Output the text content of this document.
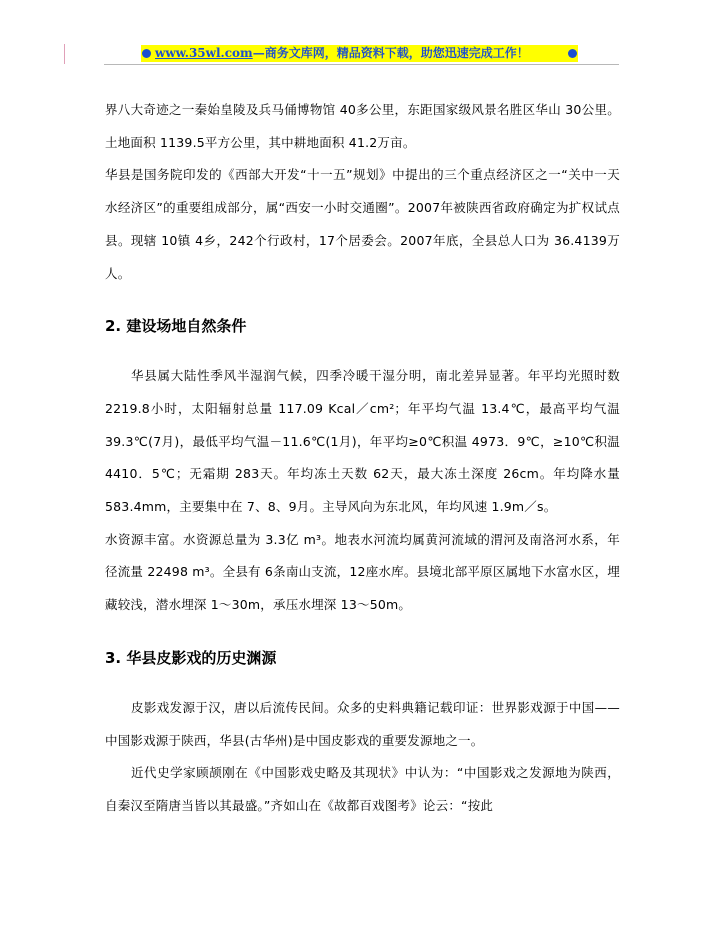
www.35wl.com—商务文库网，精品资料下载，助您迅速完成工作！

界八大奇迹之一秦始皇陵及兵马俑博物馆 40多公里，东距国家级风景名胜区华山 30公里。土地面积 1139.5平方公里，其中耕地面积 41.2万亩。

华县是国务院印发的《西部大开发“十一五”规划》中提出的三个重点经济区之一“关中一天水经济区”的重要组成部分，属“西安一小时交通圈”。2007年被陕西省政府确定为扩权试点县。现辖 10镇 4乡，242个行政村，17个居委会。2007年底，全县总人口为 36.4139万人。

2. 建设场地自然条件

华县属大陆性季风半湿润气候，四季冷暖干湿分明，南北差异显著。年平均光照时数 2219.8小时，太阳辐射总量 117.09 Kcal／cm²；年平均气温 13.4℃，最高平均气温 39.3℃(7月)，最低平均气温－11.6℃(1月)，年平均≥0℃积温 4973．9℃，≥10℃积温 4410．5℃；无霜期 283天。年均冻土天数 62天，最大冻土深度 26cm。年均降水量 583.4mm，主要集中在 7、8、9月。主导风向为东北风，年均风速 1.9m／s。

水资源丰富。水资源总量为 3.3亿 m³。地表水河流均属黄河流域的渭河及南洛河水系，年径流量 22498 m³。全县有 6条南山支流，12座水库。县境北部平原区属地下水富水区，埋藏较浅，潜水埋深 1～30m，承压水埋深 13～50m。

3. 华县皮影戏的历史渊源

皮影戏发源于汉，唐以后流传民间。众多的史料典籍记载印证：世界影戏源于中国——中国影戏源于陕西，华县(古华州)是中国皮影戏的重要发源地之一。

近代史学家顾颉刚在《中国影戏史略及其现状》中认为：“中国影戏之发源地为陕西，自秦汉至隋唐当皆以其最盛。”齐如山在《故都百戏图考》论云：“按此
